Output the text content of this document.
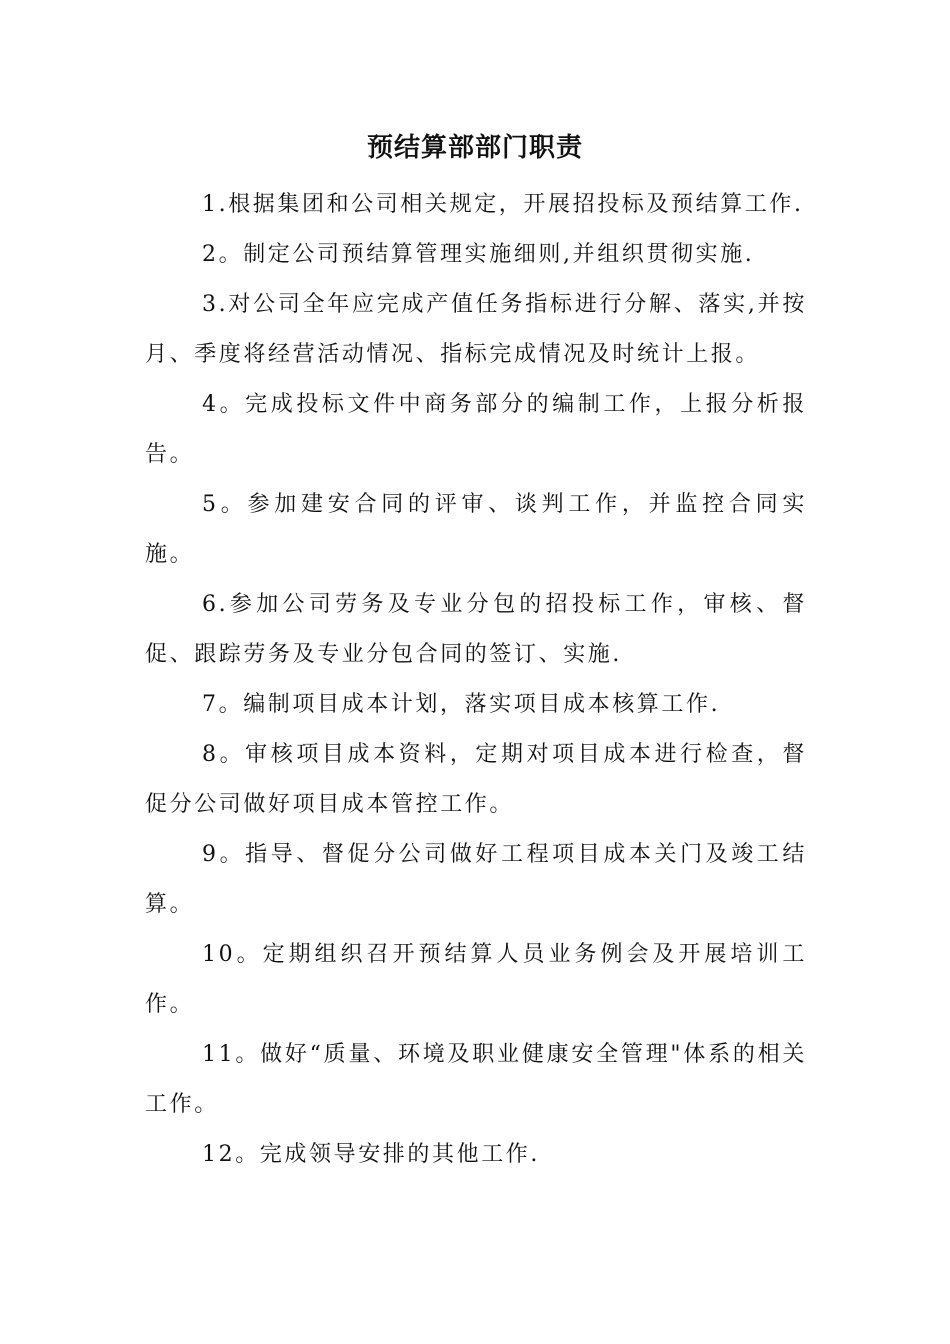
预结算部部门职责

1.根据集团和公司相关规定，开展招投标及预结算工作.

2。制定公司预结算管理实施细则,并组织贯彻实施.

3.对公司全年应完成产值任务指标进行分解、落实,并按月、季度将经营活动情况、指标完成情况及时统计上报。

4。完成投标文件中商务部分的编制工作，上报分析报告。

5。参加建安合同的评审、谈判工作，并监控合同实施。

6.参加公司劳务及专业分包的招投标工作，审核、督促、跟踪劳务及专业分包合同的签订、实施.

7。编制项目成本计划，落实项目成本核算工作.

8。审核项目成本资料，定期对项目成本进行检查，督促分公司做好项目成本管控工作。

9。指导、督促分公司做好工程项目成本关门及竣工结算。

10。定期组织召开预结算人员业务例会及开展培训工作。

11。做好“质量、环境及职业健康安全管理"体系的相关工作。

12。完成领导安排的其他工作.
